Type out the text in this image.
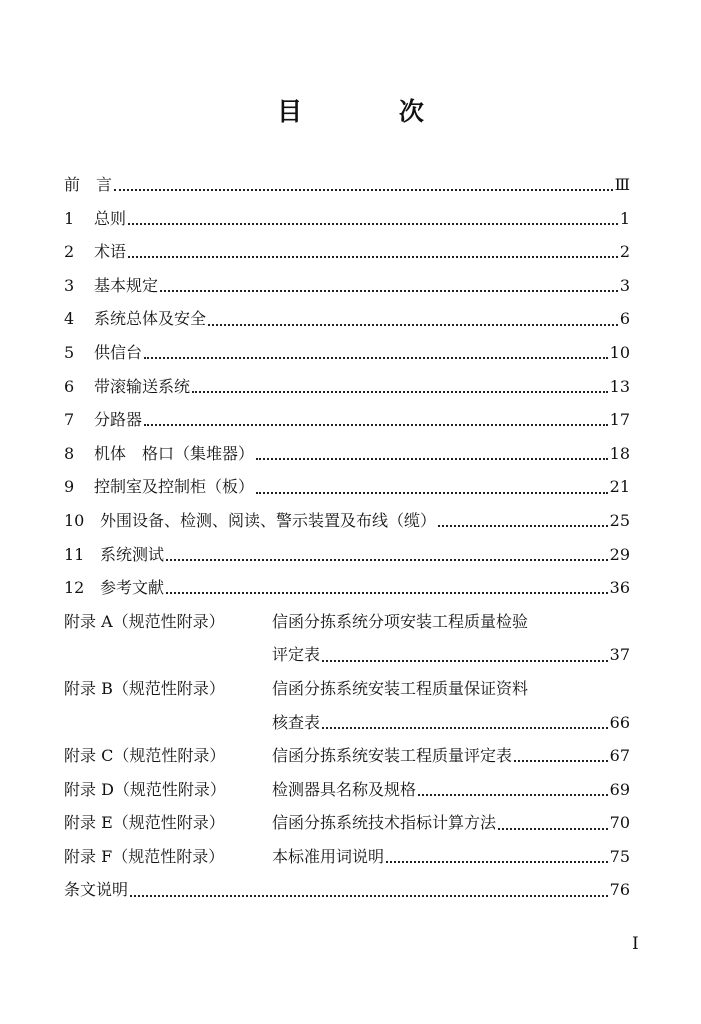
目 次
前　言	Ⅲ
1	总则	1
2	术语	2
3	基本规定	3
4	系统总体及安全	6
5	供信台	10
6	带滚输送系统	13
7	分路器	17
8	机体　格口（集堆器）	18
9	控制室及控制柜（板）	21
10 外围设备、检测、阅读、警示装置及布线（缆）	25
11 系统测试	29
12 参考文献	36
附录 A（规范性附录）	信函分拣系统分项安装工程质量检验
评定表	37
附录 B（规范性附录）	信函分拣系统安装工程质量保证资料
核查表	66
附录 C（规范性附录）	信函分拣系统安装工程质量评定表	67
附录 D（规范性附录）	检测器具名称及规格	69
附录 E（规范性附录）	信函分拣系统技术指标计算方法	70
附录 F（规范性附录）	本标准用词说明	75
条文说明	76
I
